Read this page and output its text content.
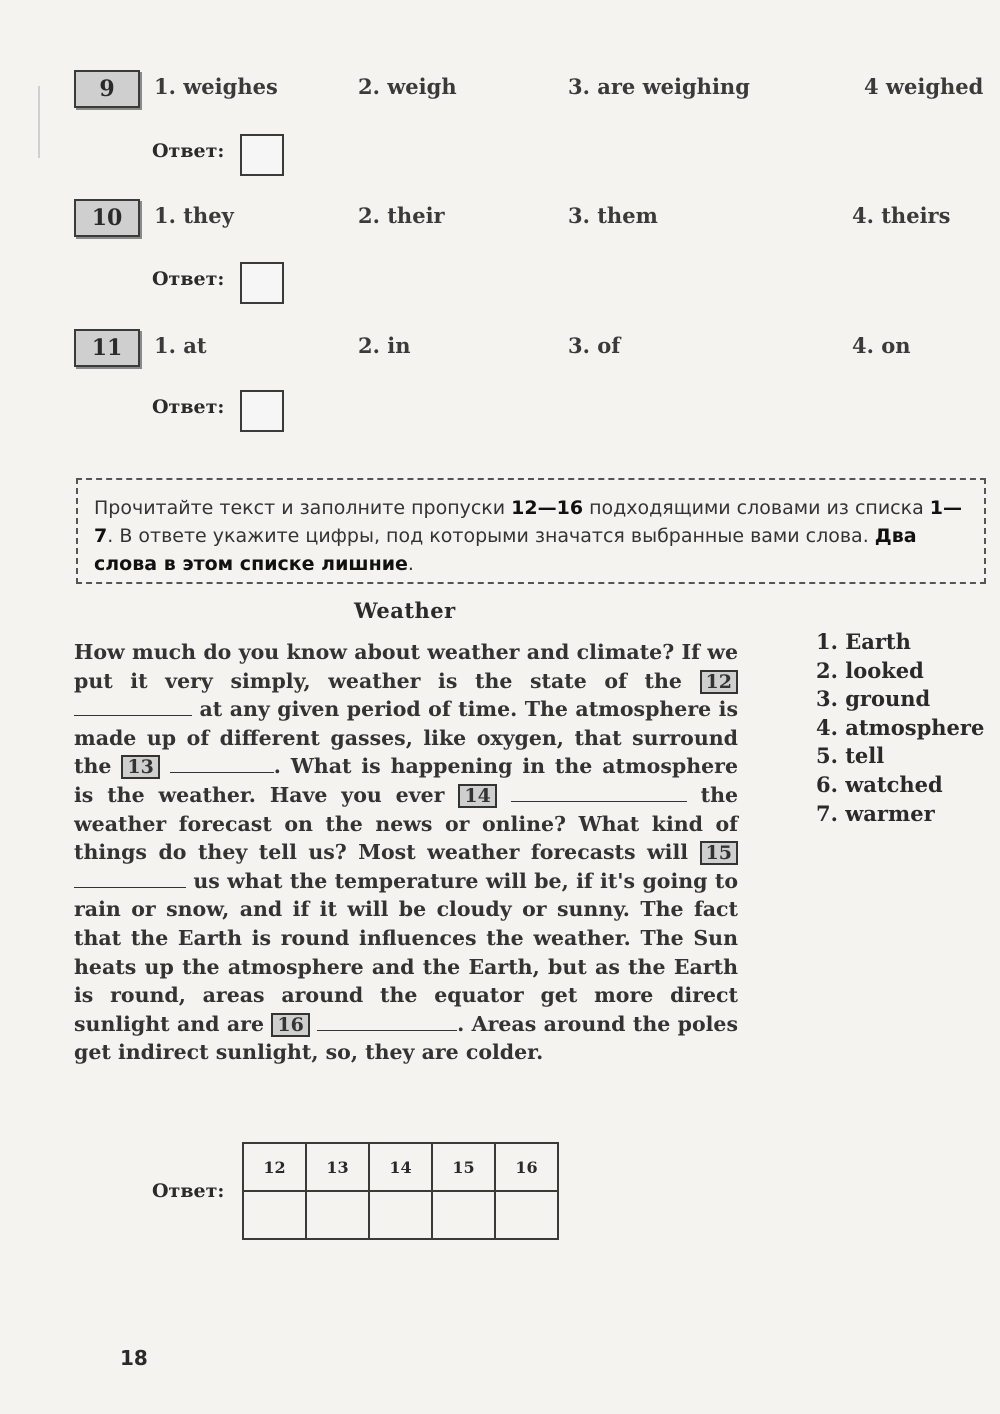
9	1. weighes	2. weigh	3. are weighing	4 weighed
Ответ:
10	1. they	2. their	3. them	4. theirs
Ответ:
11	1. at	2. in	3. of	4. on
Ответ:
Прочитайте текст и заполните пропуски 12—16 подходящими словами из списка 1—7. В ответе укажите цифры, под которыми значатся выбранные вами слова. Два слова в этом списке лишние.
Weather
How much do you know about weather and climate? If we put it very simply, weather is the state of the 12  at any given period of time. The atmosphere is made up of different gasses, like oxygen, that surround the 13	. What is happening in the atmosphere is the weather. Have you ever 14	the weather forecast on the news or online? What kind of things do they tell us? Most weather forecasts will 15  us what the temperature will be, if it's going to rain or snow, and if it will be cloudy or sunny. The fact that the Earth is round influences the weather. The Sun heats up the atmosphere and the Earth, but as the Earth is round, areas around the equator get more direct sunlight and are 16	. Areas around the poles get indirect sunlight, so, they are colder.
1. Earth
2. looked
3. ground
4. atmosphere
5. tell
6. watched
7. warmer
Ответ:
12	13	14	15	16

18
